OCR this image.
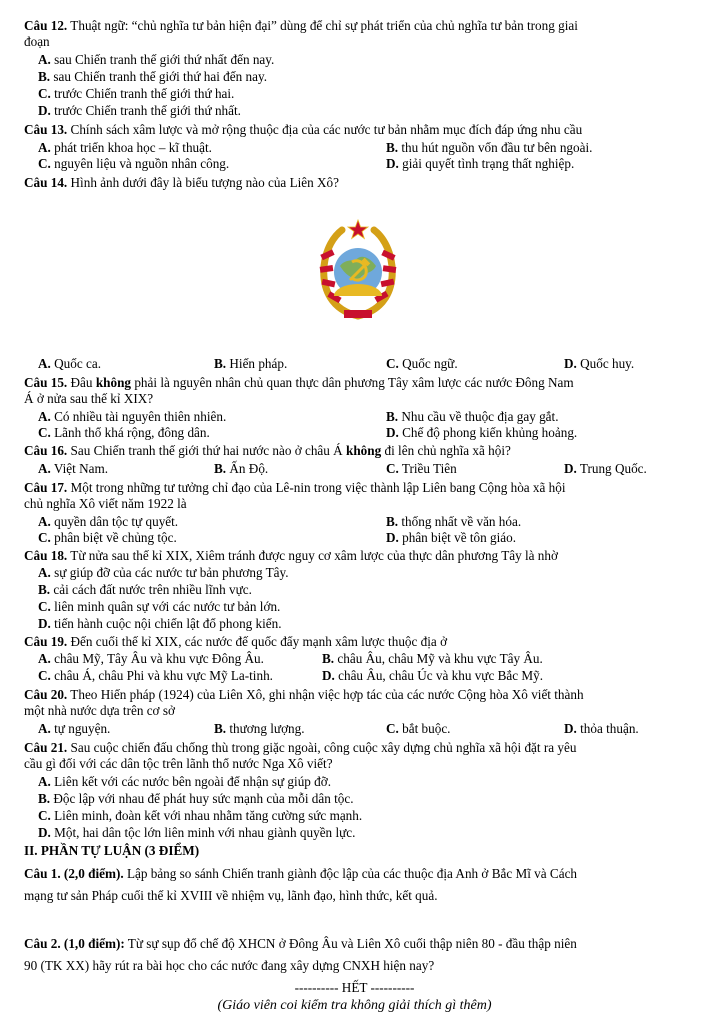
Câu 12. Thuật ngữ: “chủ nghĩa tư bản hiện đại” dùng để chỉ sự phát triển của chủ nghĩa tư bản trong giai
đoạn
A. sau Chiến tranh thế giới thứ nhất đến nay.
B. sau Chiến tranh thế giới thứ hai đến nay.
C. trước Chiến tranh thế giới thứ hai.
D. trước Chiến tranh thế giới thứ nhất.
Câu 13. Chính sách xâm lược và mở rộng thuộc địa của các nước tư bản nhằm mục đích đáp ứng nhu cầu
A. phát triển khoa học – kĩ thuật.	B. thu hút nguồn vốn đầu tư bên ngoài.
C. nguyên liệu và nguồn nhân công.	D. giải quyết tình trạng thất nghiệp.
Câu 14. Hình ảnh dưới đây là biểu tượng nào của Liên Xô?
A. Quốc ca.	B. Hiến pháp.	C. Quốc ngữ.	D. Quốc huy.
Câu 15. Đâu không phải là nguyên nhân chủ quan thực dân phương Tây xâm lược các nước Đông Nam
Á ở nửa sau thế kỉ XIX?
A. Có nhiều tài nguyên thiên nhiên.	B. Nhu cầu về thuộc địa gay gắt.
C. Lãnh thổ khá rộng, đông dân.	D. Chế độ phong kiến khủng hoảng.
Câu 16. Sau Chiến tranh thế giới thứ hai nước nào ở châu Á không đi lên chủ nghĩa xã hội?
A. Việt Nam.	B. Ấn Độ.	C. Triều Tiên	D. Trung Quốc.
Câu 17. Một trong những tư tưởng chỉ đạo của Lê-nin trong việc thành lập Liên bang Cộng hòa xã hội
chủ nghĩa Xô viết năm 1922 là
A. quyền dân tộc tự quyết.	B. thống nhất về văn hóa.
C. phân biệt về chủng tộc.	D. phân biệt về tôn giáo.
Câu 18. Từ nửa sau thế kỉ XIX, Xiêm tránh được nguy cơ xâm lược của thực dân phương Tây là nhờ
A. sự giúp đỡ của các nước tư bản phương Tây.
B. cải cách đất nước trên nhiều lĩnh vực.
C. liên minh quân sự với các nước tư bản lớn.
D. tiến hành cuộc nội chiến lật đổ phong kiến.
Câu 19. Đến cuối thế kỉ XIX, các nước đế quốc đẩy mạnh xâm lược thuộc địa ở
A. châu Mỹ, Tây Âu và khu vực Đông Âu.	B. châu Âu, châu Mỹ và khu vực Tây Âu.
C. châu Á, châu Phi và khu vực Mỹ La-tinh.	D. châu Âu, châu Úc và khu vực Bắc Mỹ.
Câu 20. Theo Hiến pháp (1924) của Liên Xô, ghi nhận việc hợp tác của các nước Cộng hòa Xô viết thành
một nhà nước dựa trên cơ sở
A. tự nguyện.	B. thương lượng.	C. bắt buộc.	D. thỏa thuận.
Câu 21. Sau cuộc chiến đấu chống thù trong giặc ngoài, công cuộc xây dựng chủ nghĩa xã hội đặt ra yêu
cầu gì đối với các dân tộc trên lãnh thổ nước Nga Xô viết?
A. Liên kết với các nước bên ngoài để nhận sự giúp đỡ.
B. Độc lập với nhau để phát huy sức mạnh của mỗi dân tộc.
C. Liên minh, đoàn kết với nhau nhằm tăng cường sức mạnh.
D. Một, hai dân tộc lớn liên minh với nhau giành quyền lực.
II. PHẦN TỰ LUẬN (3 ĐIỂM)
Câu 1. (2,0 điểm). Lập bảng so sánh Chiến tranh giành độc lập của các thuộc địa Anh ở Bắc Mĩ và Cách
mạng tư sản Pháp cuối thế kỉ XVIII về nhiệm vụ, lãnh đạo, hình thức, kết quả.
Câu 2. (1,0 điểm): Từ sự sụp đổ chế độ XHCN ở Đông Âu và Liên Xô cuối thập niên 80 - đầu thập niên
90 (TK XX) hãy rút ra bài học cho các nước đang xây dựng CNXH hiện nay?
---------- HẾT ----------
(Giáo viên coi kiểm tra không giải thích gì thêm)
